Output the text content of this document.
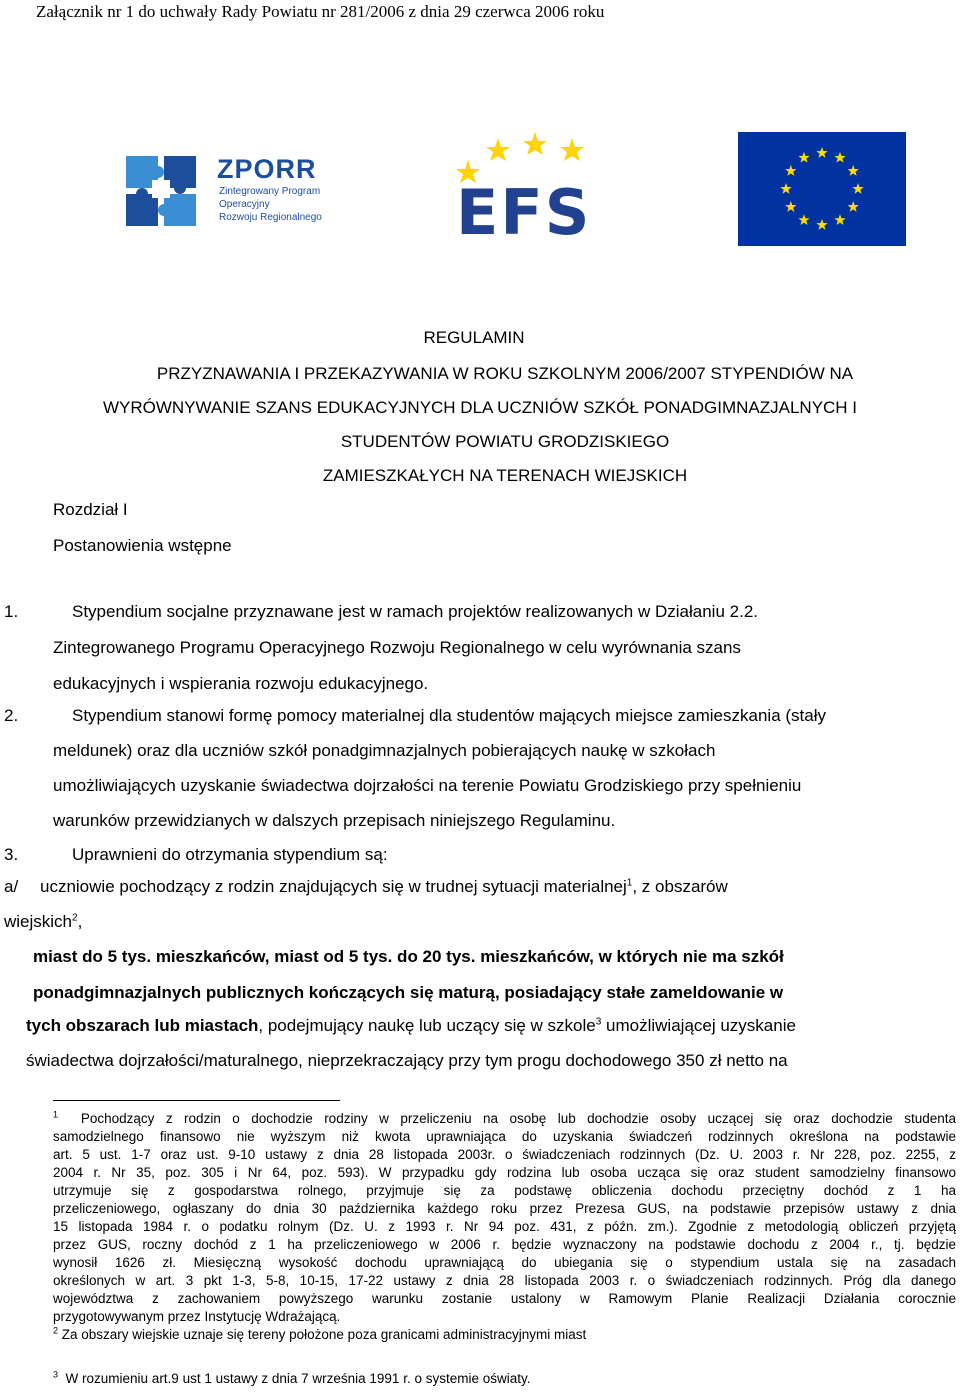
Załącznik nr 1 do uchwały Rady Powiatu nr 281/2006 z dnia 29 czerwca 2006 roku
ZPORR
Zintegrowany Program
Operacyjny
Rozwoju Regionalnego EFS
REGULAMIN
PRZYZNAWANIA I PRZEKAZYWANIA W ROKU SZKOLNYM 2006/2007 STYPENDIÓW NA
WYRÓWNYWANIE SZANS EDUKACYJNYCH DLA UCZNIÓW SZKÓŁ PONADGIMNAZJALNYCH I
STUDENTÓW POWIATU GRODZISKIEGO
ZAMIESZKAŁYCH NA TERENACH WIEJSKICH
Rozdział I
Postanowienia wstępne
1.	Stypendium socjalne przyznawane jest w ramach projektów realizowanych w Działaniu 2.2.
Zintegrowanego Programu Operacyjnego Rozwoju Regionalnego w celu wyrównania szans
edukacyjnych i wspierania rozwoju edukacyjnego.
2.	Stypendium stanowi formę pomocy materialnej dla studentów mających miejsce zamieszkania (stały
meldunek) oraz dla uczniów szkół ponadgimnazjalnych pobierających naukę w szkołach
umożliwiających uzyskanie świadectwa dojrzałości na terenie Powiatu Grodziskiego przy spełnieniu
warunków przewidzianych w dalszych przepisach niniejszego Regulaminu.
3.	Uprawnieni do otrzymania stypendium są:
a/ uczniowie pochodzący z rodzin znajdujących się w trudnej sytuacji materialnej$^1$, z obszarów
wiejskich$^2$,
miast do 5 tys. mieszkańców, miast od 5 tys. do 20 tys. mieszkańców, w których nie ma szkół
ponadgimnazjalnych publicznych kończących się maturą, posiadający stałe zameldowanie w
tych obszarach lub miastach, podejmujący naukę lub uczący się w szkole$^3$ umożliwiającej uzyskanie
świadectwa dojrzałości/maturalnego, nieprzekraczający przy tym progu dochodowego 350 zł netto na
$^1$ Pochodzący z rodzin o dochodzie rodziny w przeliczeniu na osobę lub dochodzie osoby uczącej się oraz dochodzie studenta
samodzielnego finansowo nie wyższym niż kwota uprawniająca do uzyskania świadczeń rodzinnych określona na podstawie
art. 5 ust. 1-7 oraz ust. 9-10 ustawy z dnia 28 listopada 2003r. o świadczeniach rodzinnych (Dz. U. 2003 r. Nr 228, poz. 2255, z
2004 r. Nr 35, poz. 305 i Nr 64, poz. 593). W przypadku gdy rodzina lub osoba ucząca się oraz student samodzielny finansowo
utrzymuje się z gospodarstwa rolnego, przyjmuje się za podstawę obliczenia dochodu przeciętny dochód z 1 ha
przeliczeniowego, ogłaszany do dnia 30 października każdego roku przez Prezesa GUS, na podstawie przepisów ustawy z dnia
15 listopada 1984 r. o podatku rolnym (Dz. U. z 1993 r. Nr 94 poz. 431, z późn. zm.). Zgodnie z metodologią obliczeń przyjętą
przez GUS, roczny dochód z 1 ha przeliczeniowego w 2006 r. będzie wyznaczony na podstawie dochodu z 2004 r., tj. będzie
wynosił 1626 zł. Miesięczną wysokość dochodu uprawniającą do ubiegania się o stypendium ustala się na zasadach
określonych w art. 3 pkt 1-3, 5-8, 10-15, 17-22 ustawy z dnia 28 listopada 2003 r. o świadczeniach rodzinnych. Próg dla danego
województwa z zachowaniem powyższego warunku zostanie ustalony w Ramowym Planie Realizacji Działania corocznie
przygotowywanym przez Instytucję Wdrażającą.
$^2$ Za obszary wiejskie uznaje się tereny położone poza granicami administracyjnymi miast
$^3$ W rozumieniu art.9 ust 1 ustawy z dnia 7 września 1991 r. o systemie oświaty.
